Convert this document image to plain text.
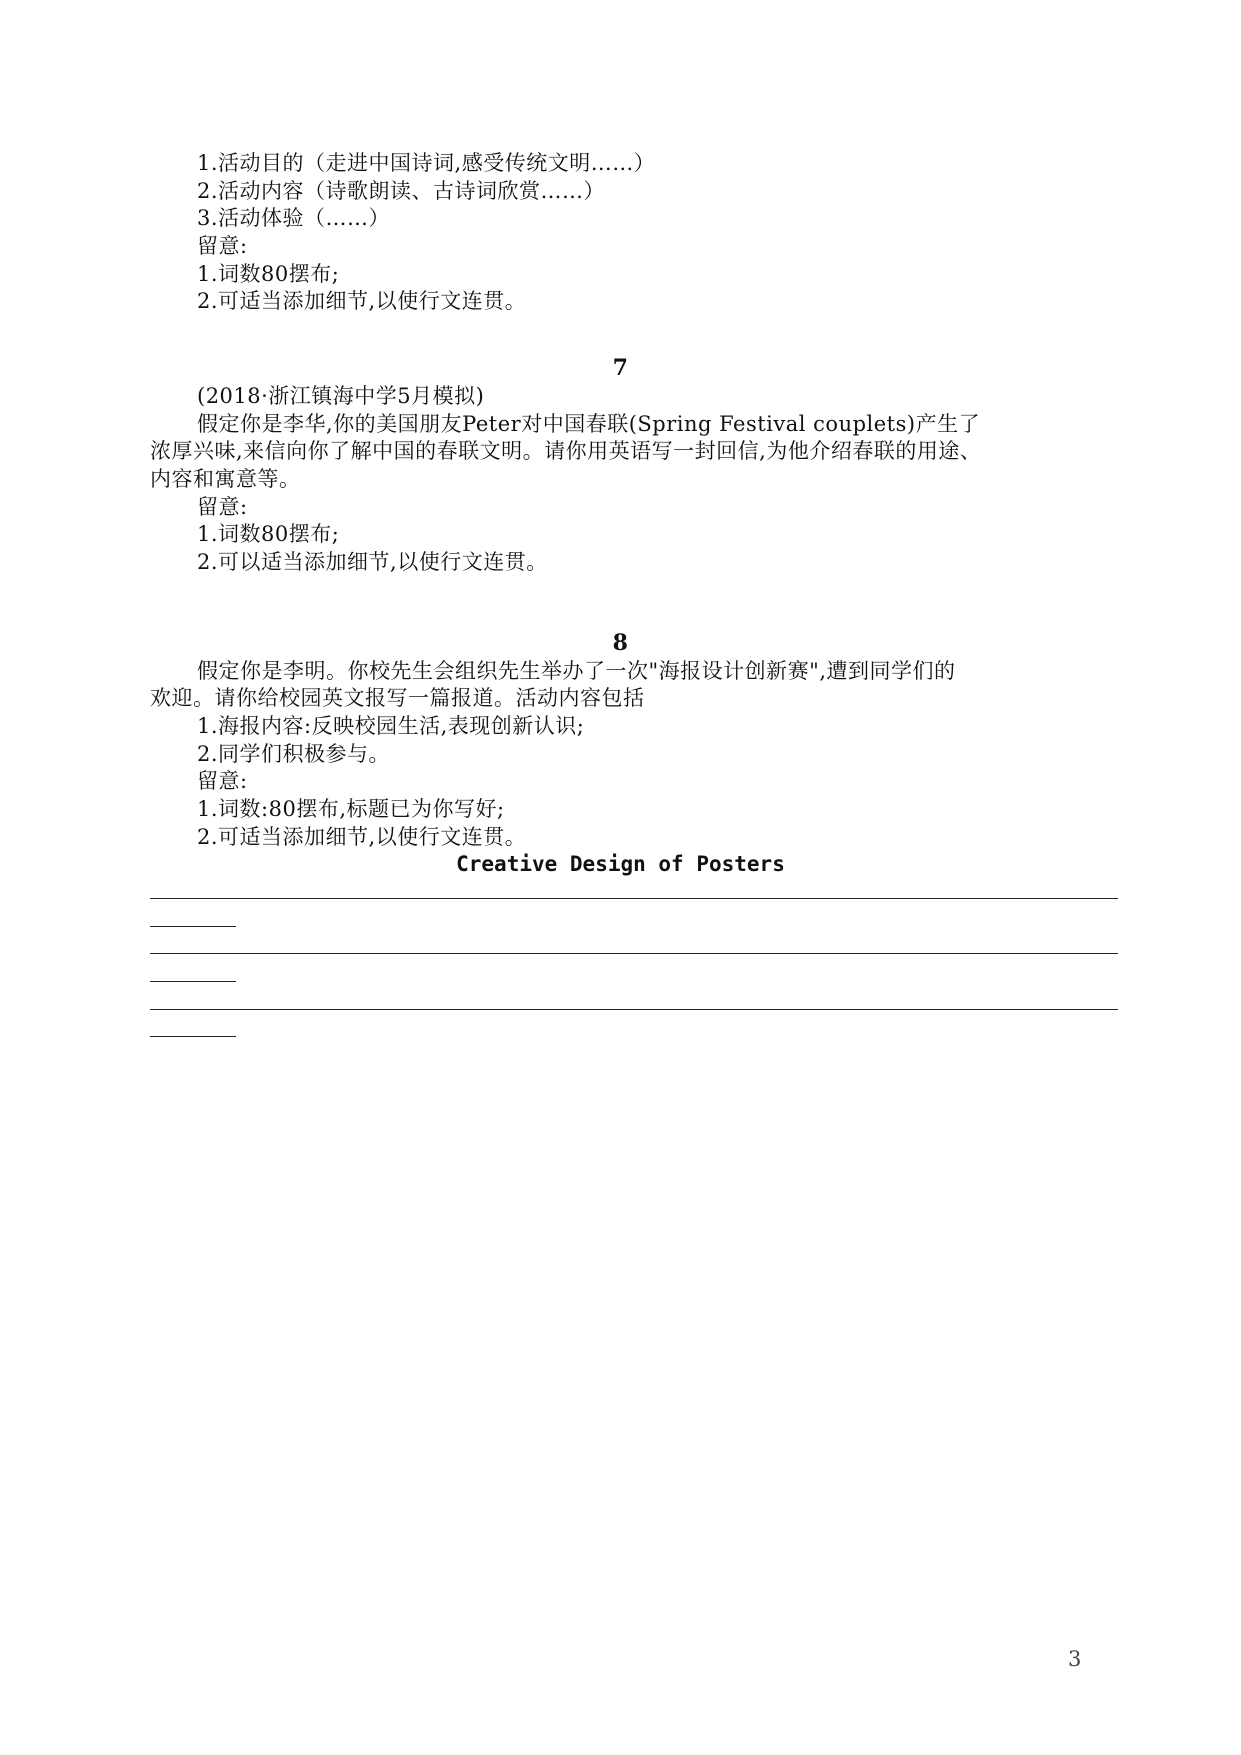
1.活动目的（走进中国诗词,感受传统文明……）
2.活动内容（诗歌朗读、古诗词欣赏……）
3.活动体验（……）
留意:
1.词数80摆布;
2.可适当添加细节,以使行文连贯。
7
(2018·浙江镇海中学5月模拟)
假定你是李华,你的美国朋友Peter对中国春联(Spring Festival couplets)产生了
浓厚兴味,来信向你了解中国的春联文明。请你用英语写一封回信,为他介绍春联的用途、
内容和寓意等。
留意:
1.词数80摆布;
2.可以适当添加细节,以使行文连贯。
8
假定你是李明。你校先生会组织先生举办了一次"海报设计创新赛",遭到同学们的
欢迎。请你给校园英文报写一篇报道。活动内容包括
1.海报内容:反映校园生活,表现创新认识;
2.同学们积极参与。
留意:
1.词数:80摆布,标题已为你写好;
2.可适当添加细节,以使行文连贯。
Creative Design of Posters
3
